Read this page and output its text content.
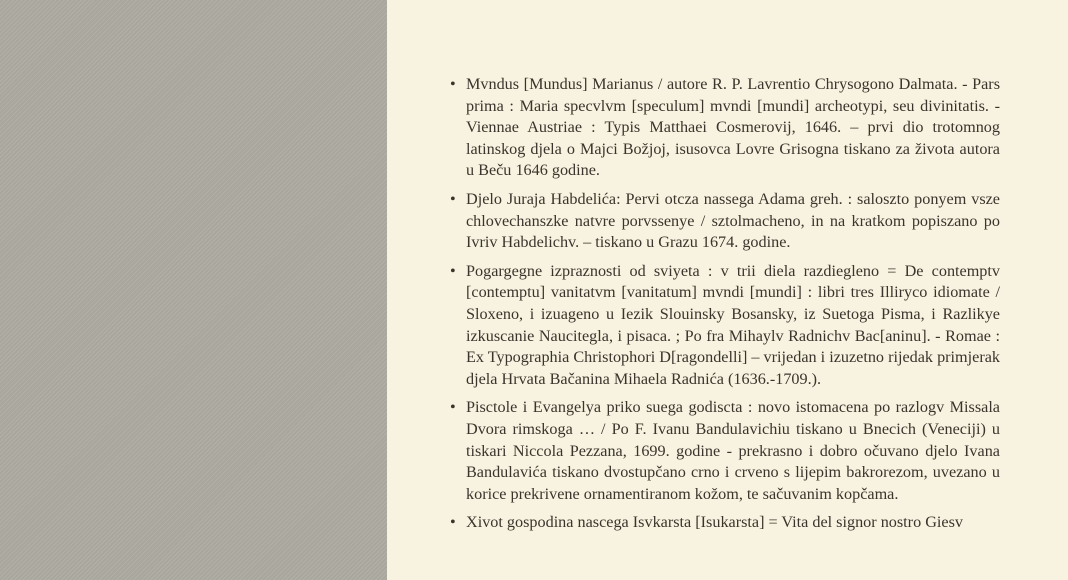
• Mvndus [Mundus] Marianus / autore R. P. Lavrentio Chrysogono Dalmata. - Pars prima : Maria specvlvm [speculum] mvndi [mundi] archeotypi, seu divinitatis. - Viennae Austriae : Typis Matthaei Cosmerovij, 1646. – prvi dio trotomnog latinskog djela o Majci Božjoj, isusovca Lovre Grisogna tiskano za života autora u Beču 1646 godine.
• Djelo Juraja Habdelića: Pervi otcza nassega Adama greh. : saloszto ponyem vsze chlovechanszke natvre porvssenye / sztolmacheno, in na kratkom popiszano po Ivriv Habdelichv. – tiskano u Grazu 1674. godine.
• Pogargegne izpraznosti od sviyeta : v trii diela razdiegleno = De contemptv [contemptu] vanitatvm [vanitatum] mvndi [mundi] : libri tres Illiryco idiomate / Sloxeno, i izuageno u Iezik Slouinsky Bosansky, iz Suetoga Pisma, i Razlikye izkuscanie Naucitegla, i pisaca. ; Po fra Mihaylv Radnichv Bac[aninu]. - Romae : Ex Typographia Christophori D[ragondelli] – vrijedan i izuzetno rijedak primjerak djela Hrvata Bačanina Mihaela Radnića (1636.-1709.).
• Pisctole i Evangelya priko suega godiscta : novo istomacena po razlogv Missala Dvora rimskoga … / Po F. Ivanu Bandulavichiu tiskano u Bnecich (Veneciji) u tiskari Niccola Pezzana, 1699. godine - prekrasno i dobro očuvano djelo Ivana Bandulavića tiskano dvostupčano crno i crveno s lijepim bakrorezom, uvezano u korice prekrivene ornamentiranom kožom, te sačuvanim kopčama.
• Xivot gospodina nascega Isvkarsta [Isukarsta] = Vita del signor nostro Giesv
